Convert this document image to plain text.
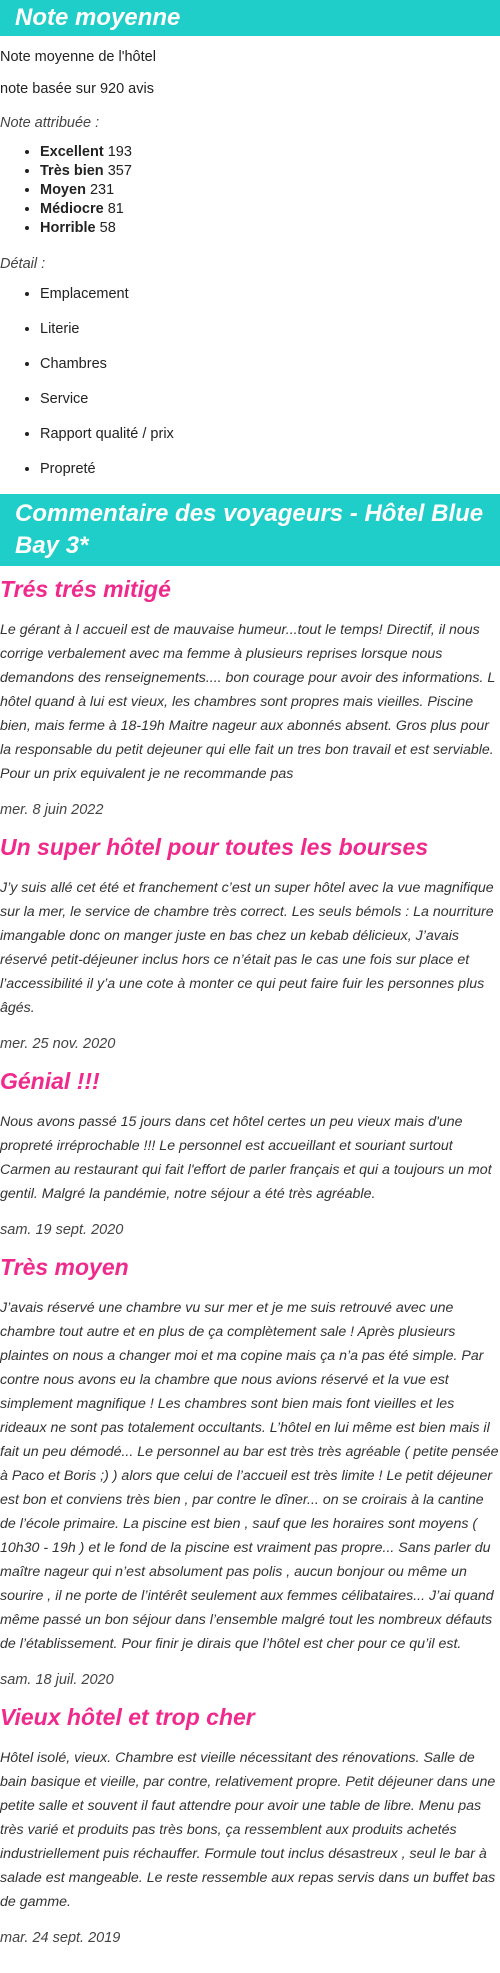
Note moyenne

Note moyenne de l'hôtel

note basée sur 920 avis

Note attribuée :

• Excellent 193
• Très bien 357
• Moyen 231
• Médiocre 81
• Horrible 58

Détail :

• Emplacement
• Literie
• Chambres
• Service
• Rapport qualité / prix
• Propreté
Commentaire des voyageurs - Hôtel Blue Bay 3*
Trés trés mitigé

Le gérant à l accueil est de mauvaise humeur...tout le temps! Directif, il nous corrige verbalement avec ma femme à plusieurs reprises lorsque nous demandons des renseignements.... bon courage pour avoir des informations. L hôtel quand à lui est vieux, les chambres sont propres mais vieilles. Piscine bien, mais ferme à 18-19h Maitre nageur aux abonnés absent. Gros plus pour la responsable du petit dejeuner qui elle fait un tres bon travail et est serviable. Pour un prix equivalent je ne recommande pas

mer. 8 juin 2022

Un super hôtel pour toutes les bourses

J’y suis allé cet été et franchement c’est un super hôtel avec la vue magnifique sur la mer, le service de chambre très correct. Les seuls bémols : La nourriture imangable donc on manger juste en bas chez un kebab délicieux, J’avais réservé petit-déjeuner inclus hors ce n’était pas le cas une fois sur place et l’accessibilité il y’a une cote à monter ce qui peut faire fuir les personnes plus âgés.

mer. 25 nov. 2020

Génial !!!

Nous avons passé 15 jours dans cet hôtel certes un peu vieux mais d'une propreté irréprochable !!! Le personnel est accueillant et souriant surtout Carmen au restaurant qui fait l'effort de parler français et qui a toujours un mot gentil. Malgré la pandémie, notre séjour a été très agréable.

sam. 19 sept. 2020

Très moyen

J’avais réservé une chambre vu sur mer et je me suis retrouvé avec une chambre tout autre et en plus de ça complètement sale ! Après plusieurs plaintes on nous a changer moi et ma copine mais ça n’a pas été simple. Par contre nous avons eu la chambre que nous avions réservé et la vue est simplement magnifique ! Les chambres sont bien mais font vieilles et les rideaux ne sont pas totalement occultants. L’hôtel en lui même est bien mais il fait un peu démodé... Le personnel au bar est très très agréable ( petite pensée à Paco et Boris ;) ) alors que celui de l’accueil est très limite ! Le petit déjeuner est bon et conviens très bien , par contre le dîner... on se croirais à la cantine de l’école primaire. La piscine est bien , sauf que les horaires sont moyens ( 10h30 - 19h ) et le fond de la piscine est vraiment pas propre... Sans parler du maître nageur qui n’est absolument pas polis , aucun bonjour ou même un sourire , il ne porte de l’intérêt seulement aux femmes célibataires... J’ai quand même passé un bon séjour dans l’ensemble malgré tout les nombreux défauts de l’établissement. Pour finir je dirais que l’hôtel est cher pour ce qu’il est.

sam. 18 juil. 2020

Vieux hôtel et trop cher

Hôtel isolé, vieux. Chambre est vieille nécessitant des rénovations. Salle de bain basique et vieille, par contre, relativement propre. Petit déjeuner dans une petite salle et souvent il faut attendre pour avoir une table de libre. Menu pas très varié et produits pas très bons, ça ressemblent aux produits achetés industriellement puis réchauffer. Formule tout inclus désastreux , seul le bar à salade est mangeable. Le reste ressemble aux repas servis dans un buffet bas de gamme.

mar. 24 sept. 2019
